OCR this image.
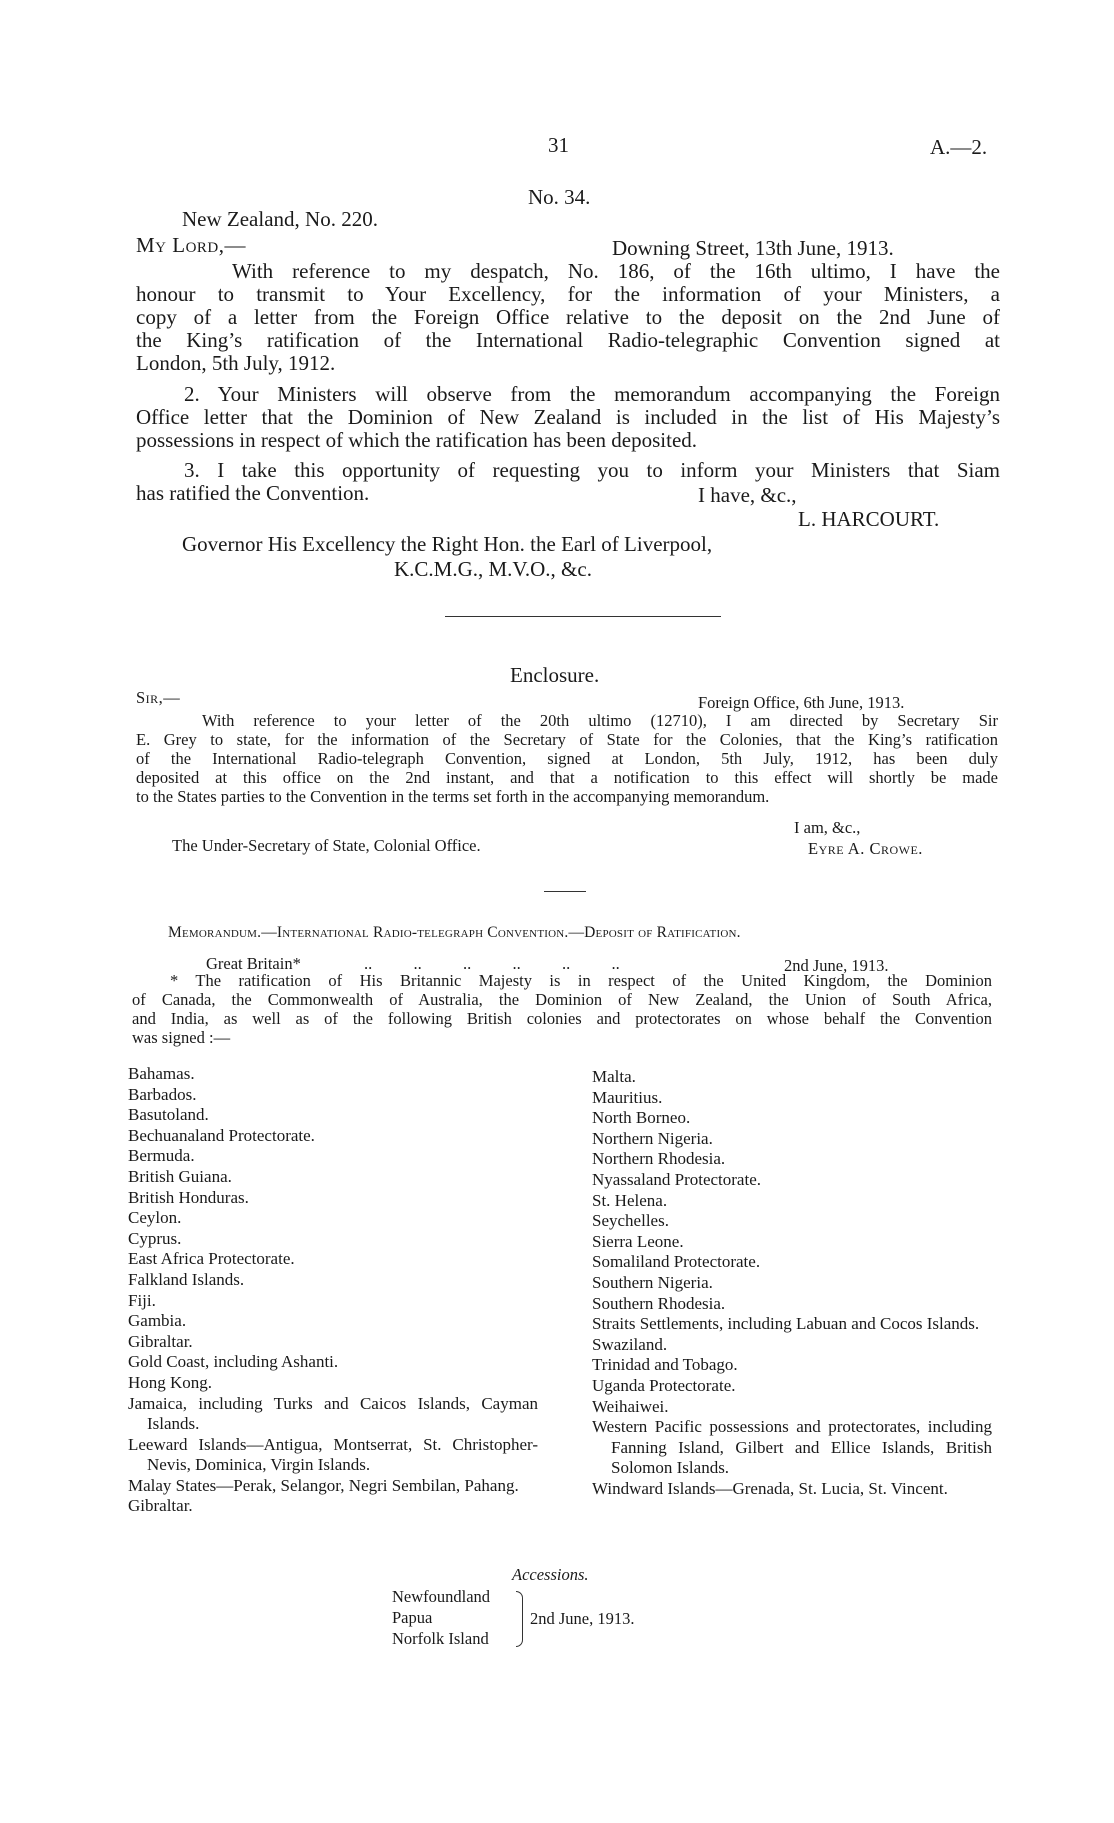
31	A.—2.
No. 34.
New Zealand, No. 220.
My Lord,—	Downing Street, 13th June, 1913.
With reference to my despatch, No. 186, of the 16th ultimo, I have the
honour to transmit to Your Excellency, for the information of your Ministers, a
copy of a letter from the Foreign Office relative to the deposit on the 2nd June of
the King’s ratification of the International Radio-telegraphic Convention signed at
London, 5th July, 1912.
2. Your Ministers will observe from the memorandum accompanying the Foreign
Office letter that the Dominion of New Zealand is included in the list of His Majesty’s
possessions in respect of which the ratification has been deposited.
3. I take this opportunity of requesting you to inform your Ministers that Siam
has ratified the Convention.	I have, &c.,
L. HARCOURT.
Governor His Excellency the Right Hon. the Earl of Liverpool,
K.C.M.G., M.V.O., &c.
Enclosure.
Sir,—	Foreign Office, 6th June, 1913.
With reference to your letter of the 20th ultimo (12710), I am directed by Secretary Sir
E. Grey to state, for the information of the Secretary of State for the Colonies, that the King’s ratification
of the International Radio-telegraph Convention, signed at London, 5th July, 1912, has been duly
deposited at this office on the 2nd instant, and that a notification to this effect will shortly be made
to the States parties to the Convention in the terms set forth in the accompanying memorandum.
I am, &c.,
The Under-Secretary of State, Colonial Office.	Eyre A. Crowe.
Memorandum.—International Radio-telegraph Convention.—Deposit of Ratification.
Great Britain*	..          ..          ..          ..          ..          ..	2nd June, 1913.
* The ratification of His Britannic Majesty is in respect of the United Kingdom, the Dominion
of Canada, the Commonwealth of Australia, the Dominion of New Zealand, the Union of South Africa,
and India, as well as of the following British colonies and protectorates on whose behalf the Convention
was signed :—
Bahamas.
Barbados.
Basutoland.
Bechuanaland Protectorate.
Bermuda.
British Guiana.
British Honduras.
Ceylon.
Cyprus.
East Africa Protectorate.
Falkland Islands.
Fiji.
Gambia.
Gibraltar.
Gold Coast, including Ashanti.
Hong Kong.
Jamaica, including Turks and Caicos Islands, Cayman Islands.
Leeward Islands—Antigua, Montserrat, St. Christopher-Nevis, Dominica, Virgin Islands.
Malay States—Perak, Selangor, Negri Sembilan, Pahang.
Gibraltar.
Malta.
Mauritius.
North Borneo.
Northern Nigeria.
Northern Rhodesia.
Nyassaland Protectorate.
St. Helena.
Seychelles.
Sierra Leone.
Somaliland Protectorate.
Southern Nigeria.
Southern Rhodesia.
Straits Settlements, including Labuan and Cocos Islands.
Swaziland.
Trinidad and Tobago.
Uganda Protectorate.
Weihaiwei.
Western Pacific possessions and protectorates, including Fanning Island, Gilbert and Ellice Islands, British Solomon Islands.
Windward Islands—Grenada, St. Lucia, St. Vincent.
Accessions.
Newfoundland
Papua
Norfolk Island
2nd June, 1913.
